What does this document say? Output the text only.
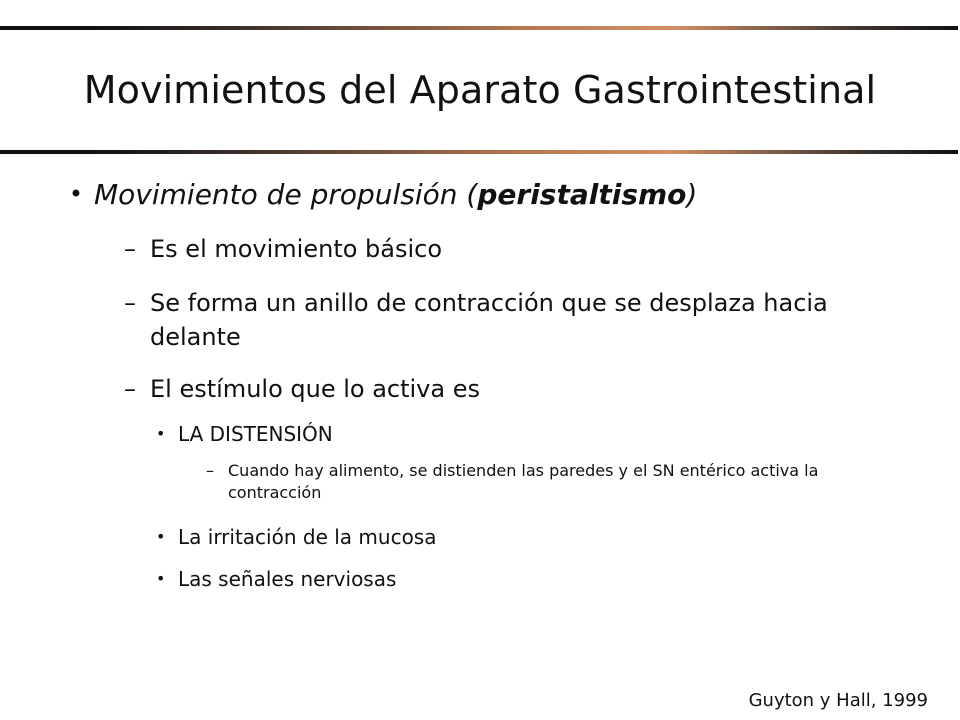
Movimientos del Aparato Gastrointestinal
• Movimiento de propulsión (peristaltismo)
– Es el movimiento básico
– Se forma un anillo de contracción que se desplaza hacia delante
– El estímulo que lo activa es
• LA DISTENSIÓN
– Cuando hay alimento, se distienden las paredes y el SN entérico activa la contracción
• La irritación de la mucosa
• Las señales nerviosas
Guyton y Hall, 1999
